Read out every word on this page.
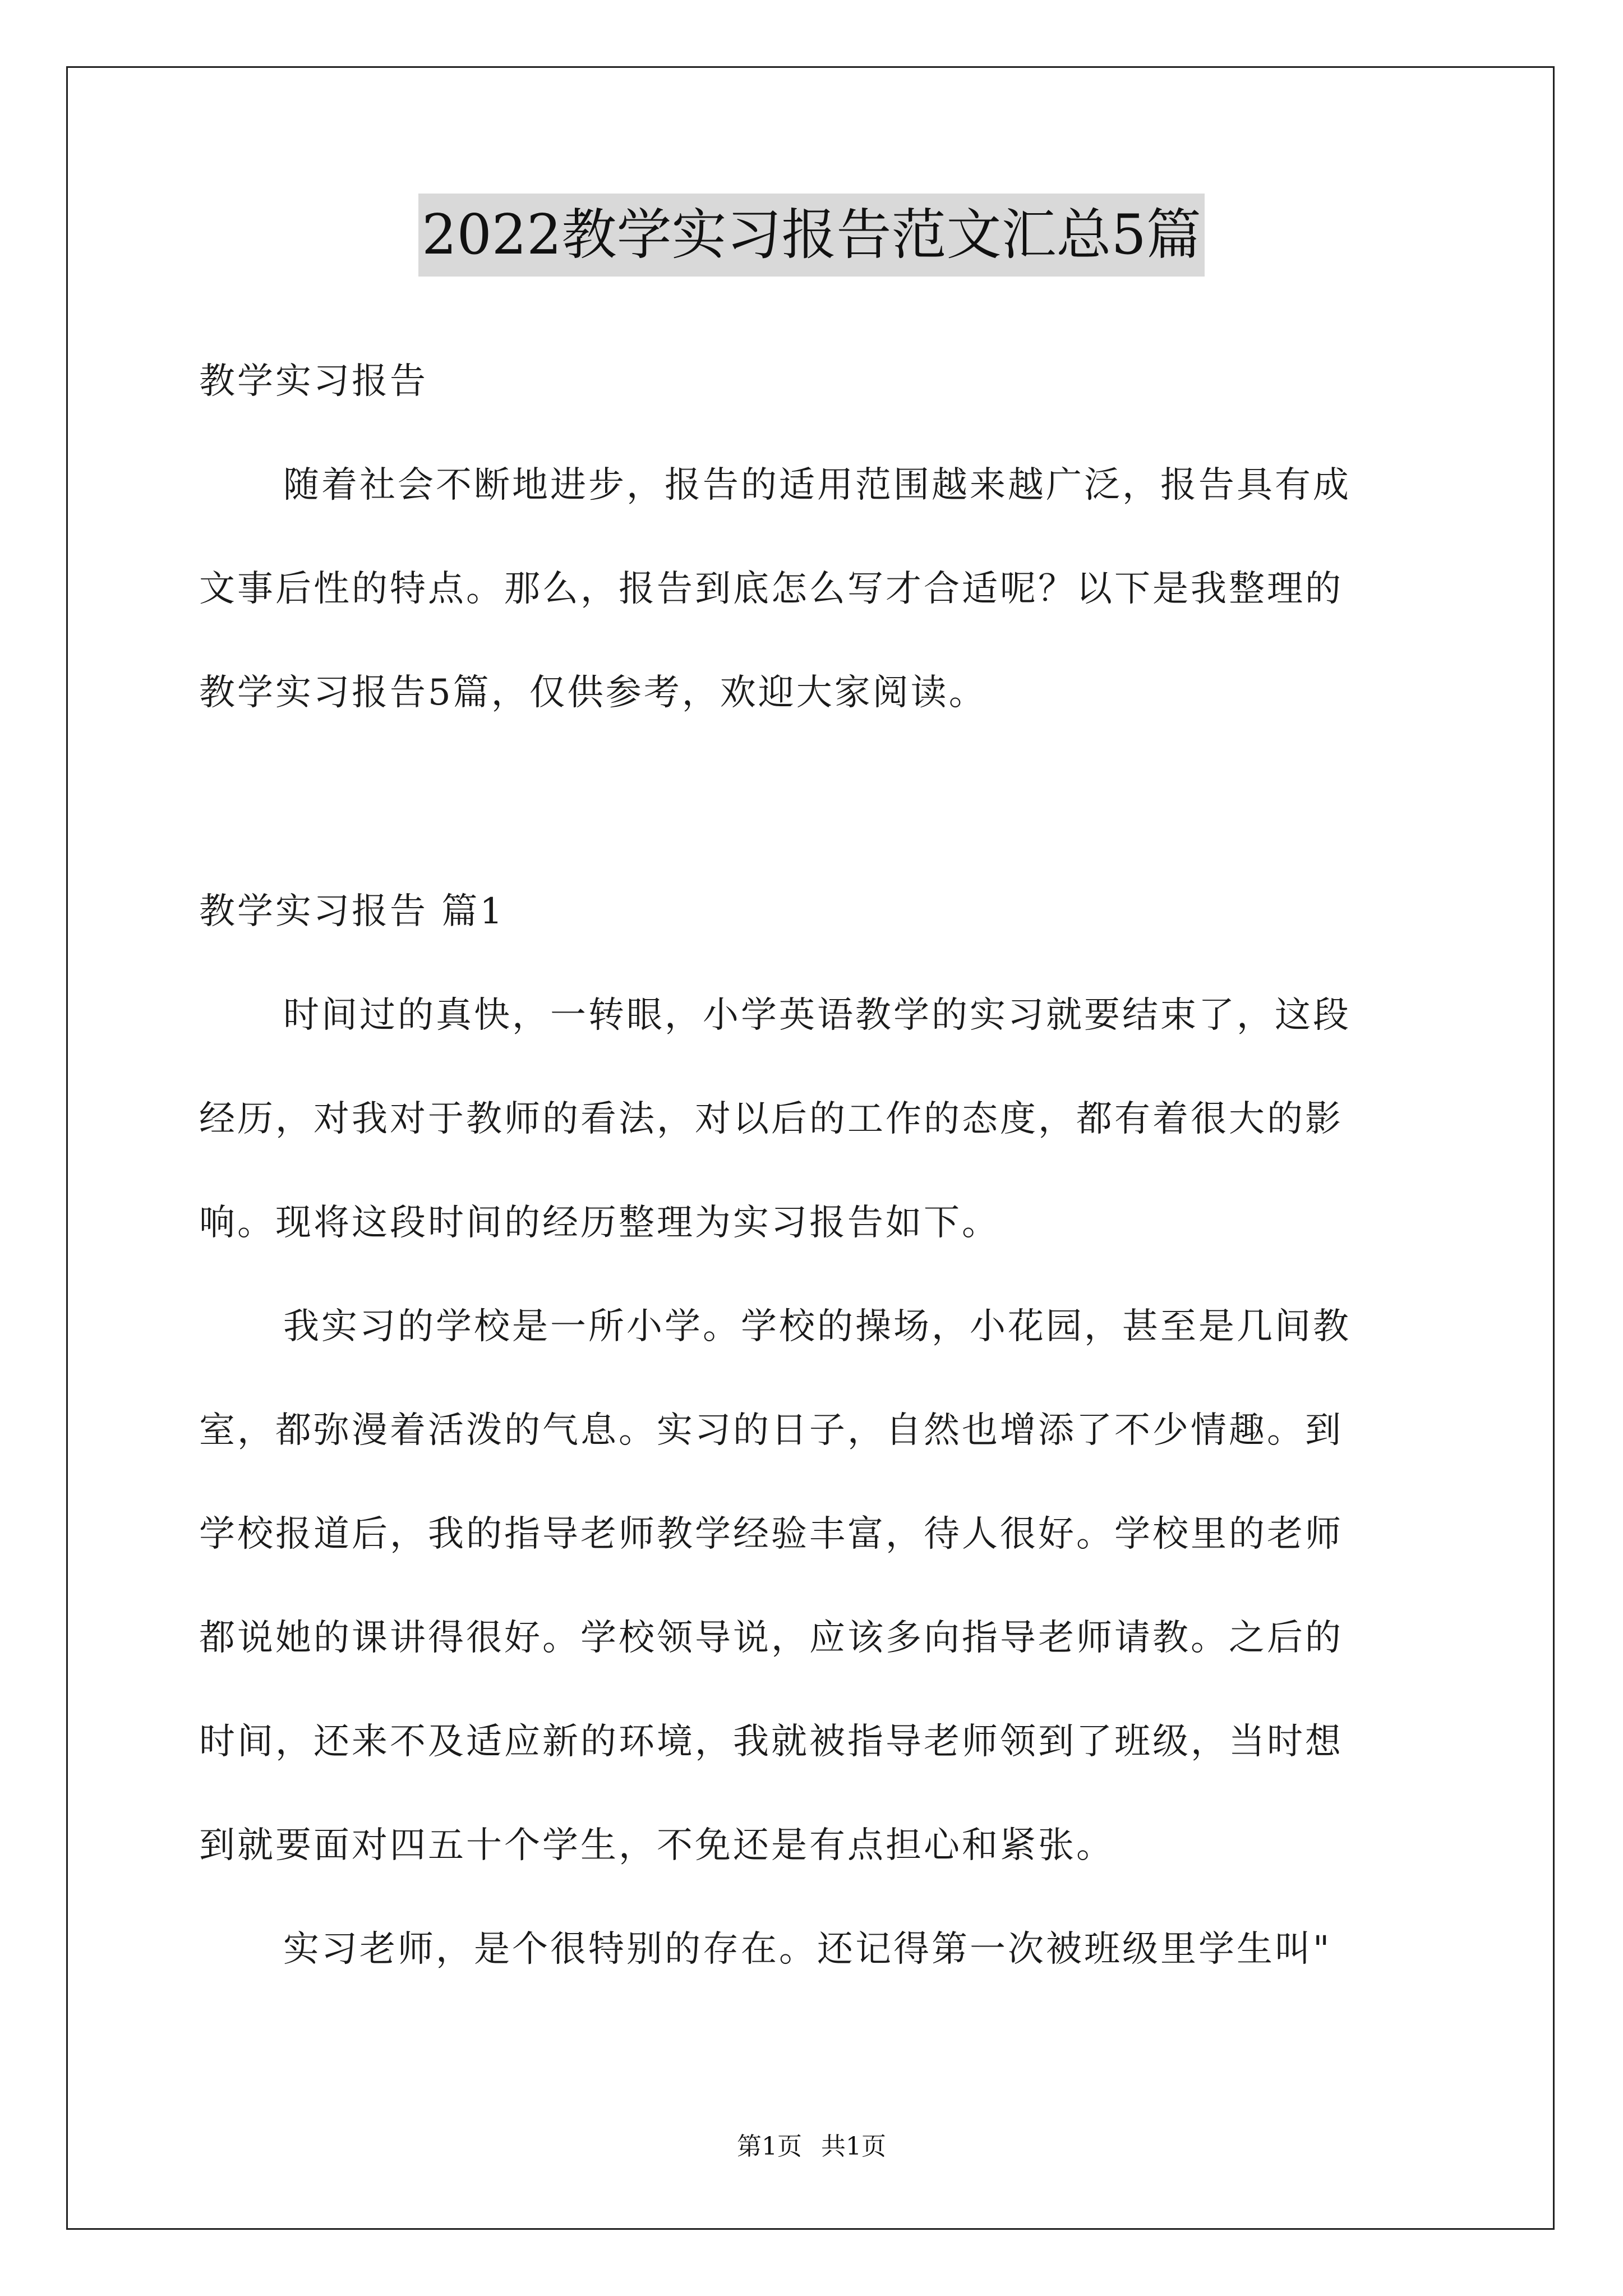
2022教学实习报告范文汇总5篇
教学实习报告
随着社会不断地进步，报告的适用范围越来越广泛，报告具有成
文事后性的特点。那么，报告到底怎么写才合适呢？以下是我整理的
教学实习报告5篇，仅供参考，欢迎大家阅读。
教学实习报告 篇1
时间过的真快，一转眼，小学英语教学的实习就要结束了，这段
经历，对我对于教师的看法，对以后的工作的态度，都有着很大的影
响。现将这段时间的经历整理为实习报告如下。
我实习的学校是一所小学。学校的操场，小花园，甚至是几间教
室，都弥漫着活泼的气息。实习的日子，自然也增添了不少情趣。到
学校报道后，我的指导老师教学经验丰富，待人很好。学校里的老师
都说她的课讲得很好。学校领导说，应该多向指导老师请教。之后的
时间，还来不及适应新的环境，我就被指导老师领到了班级，当时想
到就要面对四五十个学生，不免还是有点担心和紧张。
实习老师，是个很特别的存在。还记得第一次被班级里学生叫"
第1页 共1页
